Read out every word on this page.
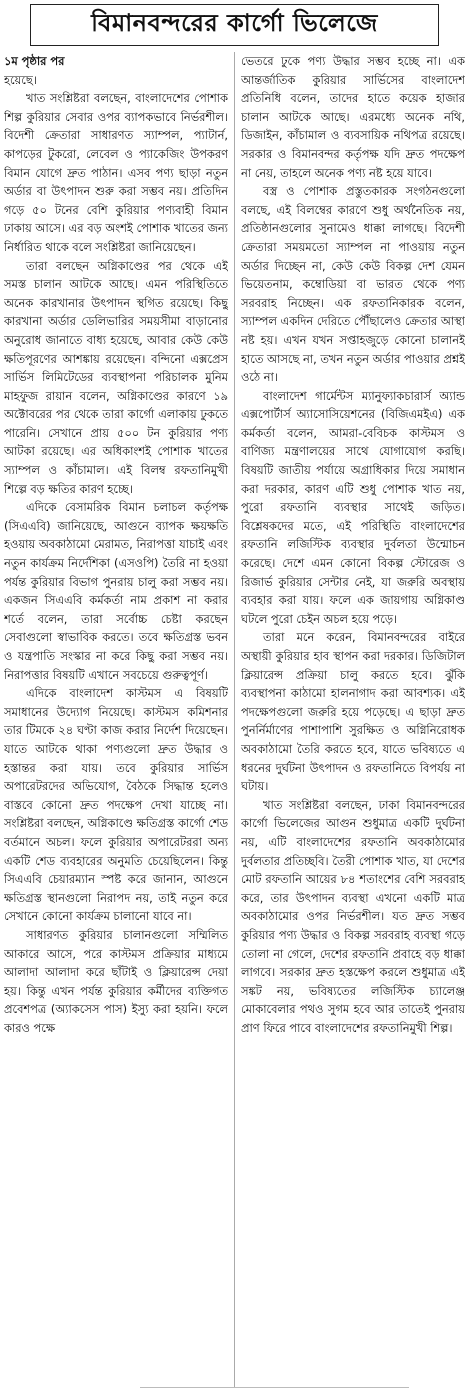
বিমানবন্দরের কার্গো ভিলেজে

১ম পৃষ্ঠার পর

হয়েছে।

খাত সংশ্লিষ্টরা বলছেন, বাংলাদেশের পোশাক শিল্প কুরিয়ার সেবার ওপর ব্যাপকভাবে নির্ভরশীল। বিদেশী ক্রেতারা সাধারণত স্যাম্পল, প্যাটার্ন, কাপড়ের টুকরো, লেবেল ও প্যাকেজিং উপকরণ বিমান যোগে দ্রুত পাঠান। এসব পণ্য ছাড়া নতুন অর্ডার বা উৎপাদন শুরু করা সম্ভব নয়। প্রতিদিন গড়ে ৫০ টনের বেশি কুরিয়ার পণ্যবাহী বিমান ঢাকায় আসে। এর বড় অংশই পোশাক খাতের জন্য নির্ধারিত থাকে বলে সংশ্লিষ্টরা জানিয়েছেন।

তারা বলছেন অগ্নিকাণ্ডের পর থেকে এই সমস্ত চালান আটকে আছে। এমন পরিস্থিতিতে অনেক কারখানার উৎপাদন স্থগিত রয়েছে। কিছু কারখানা অর্ডার ডেলিভারির সময়সীমা বাড়ানোর অনুরোধ জানাতে বাধ্য হয়েছে, আবার কেউ কেউ ক্ষতিপূরণের আশঙ্কায় রয়েছেন। বন্দিনো এক্সপ্রেস সার্ভিস লিমিটেডের ব্যবস্থাপনা পরিচালক মুনিম মাহফুজ রায়ান বলেন, অগ্নিকাণ্ডের কারণে ১৯ অক্টোবরের পর থেকে তারা কার্গো এলাকায় ঢুকতে পারেনি। সেখানে প্রায় ৫০০ টন কুরিয়ার পণ্য আটকা রয়েছে। এর অধিকাংশই পোশাক খাতের স্যাম্পল ও কাঁচামাল। এই বিলম্ব রফতানিমুখী শিল্পে বড় ক্ষতির কারণ হচ্ছে।

এদিকে বেসামরিক বিমান চলাচল কর্তৃপক্ষ (সিএএবি) জানিয়েছে, আগুনে ব্যাপক ক্ষয়ক্ষতি হওয়ায় অবকাঠামো মেরামত, নিরাপত্তা যাচাই এবং নতুন কার্যক্রম নির্দেশিকা (এসওপি) তৈরি না হওয়া পর্যন্ত কুরিয়ার বিভাগ পুনরায় চালু করা সম্ভব নয়। একজন সিএএবি কর্মকর্তা নাম প্রকাশ না করার শর্তে বলেন, তারা সর্বোচ্চ চেষ্টা করছেন সেবাগুলো স্বাভাবিক করতে। তবে ক্ষতিগ্রস্ত ভবন ও যন্ত্রপাতি সংস্কার না করে কিছু করা সম্ভব নয়। নিরাপত্তার বিষয়টি এখানে সবচেয়ে গুরুত্বপূর্ণ।

এদিকে বাংলাদেশ কাস্টমস এ বিষয়টি সমাধানের উদ্যোগ নিয়েছে। কাস্টমস কমিশনার তার টিমকে ২৪ ঘণ্টা কাজ করার নির্দেশ দিয়েছেন। যাতে আটকে থাকা পণ্যগুলো দ্রুত উদ্ধার ও হস্তান্তর করা যায়। তবে কুরিয়ার সার্ভিস অপারেটরদের অভিযোগ, বৈঠকে সিদ্ধান্ত হলেও বাস্তবে কোনো দ্রুত পদক্ষেপ দেখা যাচ্ছে না। সংশ্লিষ্টরা বলছেন, অগ্নিকাণ্ডে ক্ষতিগ্রস্ত কার্গো শেড বর্তমানে অচল। ফলে কুরিয়ার অপারেটররা অন্য একটি শেড ব্যবহারের অনুমতি চেয়েছিলেন। কিন্তু সিএএবি চেয়ারম্যান স্পষ্ট করে জানান, আগুনে ক্ষতিগ্রস্ত স্থানগুলো নিরাপদ নয়, তাই নতুন করে সেখানে কোনো কার্যক্রম চালানো যাবে না।

সাধারণত কুরিয়ার চালানগুলো সম্মিলিত আকারে আসে, পরে কাস্টমস প্রক্রিয়ার মাধ্যমে আলাদা আলাদা করে ছাঁটাই ও ক্লিয়ারেন্স দেয়া হয়। কিন্তু এখন পর্যন্ত কুরিয়ার কর্মীদের ব্যক্তিগত প্রবেশপত্র (অ্যাকসেস পাস) ইস্যু করা হয়নি। ফলে কারও পক্ষে

ভেতরে ঢুকে পণ্য উদ্ধার সম্ভব হচ্ছে না। এক আন্তর্জাতিক কুরিয়ার সার্ভিসের বাংলাদেশ প্রতিনিধি বলেন, তাদের হাতে কয়েক হাজার চালান আটকে আছে। এরমধ্যে অনেক নথি, ডিজাইন, কাঁচামাল ও ব্যবসায়িক নথিপত্র রয়েছে। সরকার ও বিমানবন্দর কর্তৃপক্ষ যদি দ্রুত পদক্ষেপ না নেয়, তাহলে অনেক পণ্য নষ্ট হয়ে যাবে।

বস্ত্র ও পোশাক প্রস্তুতকারক সংগঠনগুলো বলছে, এই বিলম্বের কারণে শুধু অর্থনৈতিক নয়, প্রতিষ্ঠানগুলোর সুনামেও ধাক্কা লাগছে। বিদেশী ক্রেতারা সময়মতো স্যাম্পল না পাওয়ায় নতুন অর্ডার দিচ্ছেন না, কেউ কেউ বিকল্প দেশ যেমন ভিয়েতনাম, কম্বোডিয়া বা ভারত থেকে পণ্য সরবরাহ নিচ্ছেন। এক রফতানিকারক বলেন, স্যাম্পল একদিন দেরিতে পৌঁছালেও ক্রেতার আস্থা নষ্ট হয়। এখন যখন সপ্তাহজুড়ে কোনো চালানই হাতে আসছে না, তখন নতুন অর্ডার পাওয়ার প্রশ্নই ওঠে না।

বাংলাদেশ গার্মেন্টস ম্যানুফ্যাকচারার্স অ্যান্ড এক্সপোর্টার্স অ্যাসোসিয়েশনের (বিজিএমইএ) এক কর্মকর্তা বলেন, আমরা-বেবিচক কাস্টমস ও বাণিজ্য মন্ত্রণালয়ের সাথে যোগাযোগ করছি। বিষয়টি জাতীয় পর্যায়ে অগ্রাধিকার দিয়ে সমাধান করা দরকার, কারণ এটি শুধু পোশাক খাত নয়, পুরো রফতানি ব্যবস্থার সাথেই জড়িত। বিশ্লেষকদের মতে, এই পরিস্থিতি বাংলাদেশের রফতানি লজিস্টিক ব্যবস্থার দুর্বলতা উন্মোচন করেছে। দেশে এমন কোনো বিকল্প স্টোরেজ ও রিজার্ভ কুরিয়ার সেন্টার নেই, যা জরুরি অবস্থায় ব্যবহার করা যায়। ফলে এক জায়গায় অগ্নিকাণ্ড ঘটলে পুরো চেইন অচল হয়ে পড়ে।

তারা মনে করেন, বিমানবন্দরের বাইরে অস্থায়ী কুরিয়ার হাব স্থাপন করা দরকার। ডিজিটাল ক্লিয়ারেন্স প্রক্রিয়া চালু করতে হবে। ঝুঁকি ব্যবস্থাপনা কাঠামো হালনাগাদ করা আবশ্যক। এই পদক্ষেপগুলো জরুরি হয়ে পড়েছে। এ ছাড়া দ্রুত পুনর্নির্মাণের পাশাপাশি সুরক্ষিত ও অগ্নিনিরোধক অবকাঠামো তৈরি করতে হবে, যাতে ভবিষ্যতে এ ধরনের দুর্ঘটনা উৎপাদন ও রফতানিতে বিপর্যয় না ঘটায়।

খাত সংশ্লিষ্টরা বলছেন, ঢাকা বিমানবন্দরের কার্গো ভিলেজের আগুন শুধুমাত্র একটি দুর্ঘটনা নয়, এটি বাংলাদেশের রফতানি অবকাঠামোর দুর্বলতার প্রতিচ্ছবি। তৈরী পোশাক খাত, যা দেশের মোট রফতানি আয়ের ৮৪ শতাংশের বেশি সরবরাহ করে, তার উৎপাদন ব্যবস্থা এখনো একটি মাত্র অবকাঠামোর ওপর নির্ভরশীল। যত দ্রুত সম্ভব কুরিয়ার পণ্য উদ্ধার ও বিকল্প সরবরাহ ব্যবস্থা গড়ে তোলা না গেলে, দেশের রফতানি প্রবাহে বড় ধাক্কা লাগবে। সরকার দ্রুত হস্তক্ষেপ করলে শুধুমাত্র এই সঙ্কট নয়, ভবিষ্যতের লজিস্টিক চ্যালেঞ্জ মোকাবেলার পথও সুগম হবে আর তাতেই পুনরায় প্রাণ ফিরে পাবে বাংলাদেশের রফতানিমুখী শিল্প।
